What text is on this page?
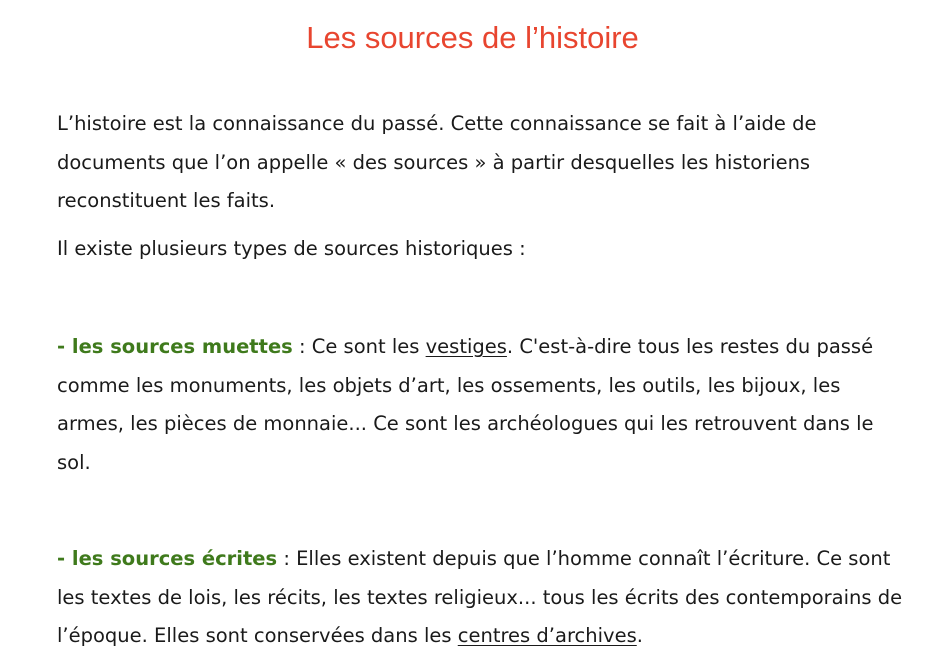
Les sources de l’histoire

L’histoire est la connaissance du passé. Cette connaissance se fait à l’aide de documents que l’on appelle « des sources » à partir desquelles les historiens reconstituent les faits.

Il existe plusieurs types de sources historiques :

- les sources muettes : Ce sont les vestiges. C'est-à-dire tous les restes du passé comme les monuments, les objets d’art, les ossements, les outils, les bijoux, les armes, les pièces de monnaie... Ce sont les archéologues qui les retrouvent dans le sol.

- les sources écrites : Elles existent depuis que l’homme connaît l’écriture. Ce sont les textes de lois, les récits, les textes religieux... tous les écrits des contemporains de l’époque. Elles sont conservées dans les centres d’archives.
